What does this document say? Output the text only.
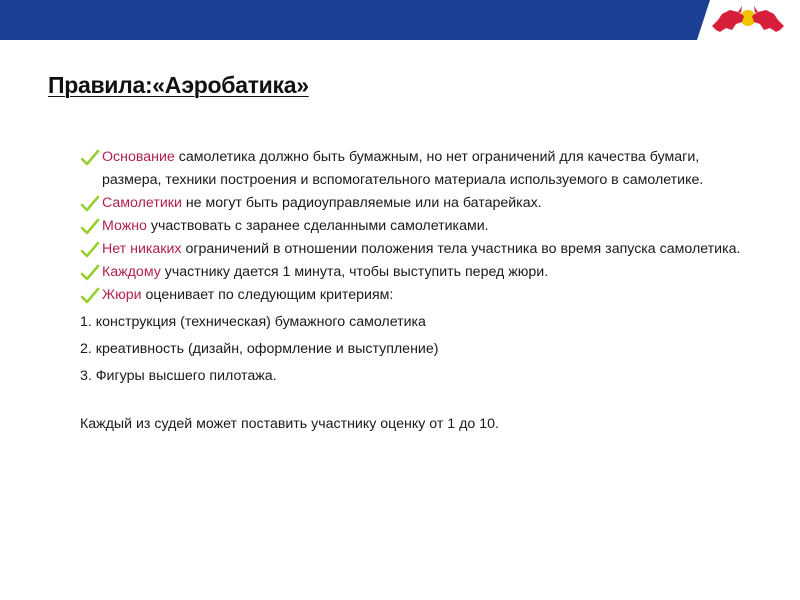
Правила:«Аэробатика»
Основание самолетика должно быть бумажным, но нет ограничений для качества бумаги, размера, техники построения и вспомогательного материала используемого в самолетике.
Самолетики не могут быть радиоуправляемые или на батарейках.
Можно участвовать с заранее сделанными самолетиками.
Нет никаких ограничений в отношении положения тела участника во время запуска самолетика.
Каждому участнику дается 1 минута, чтобы выступить перед жюри.
Жюри оценивает по следующим критериям:
1. конструкция (техническая) бумажного самолетика
2. креативность (дизайн, оформление и выступление)
3. Фигуры высшего пилотажа.
Каждый из судей может поставить участнику оценку от 1 до 10.
